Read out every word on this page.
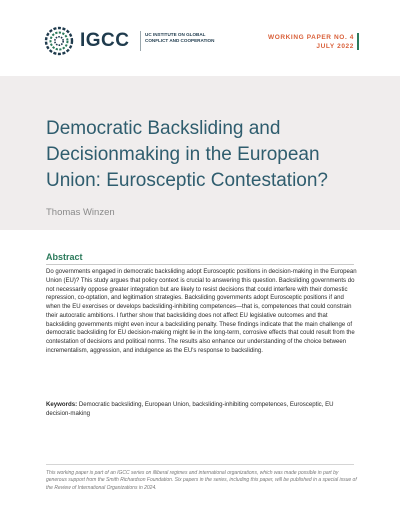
IGCC	UC INSTITUTE ON GLOBAL CONFLICT AND COOPERATION	WORKING PAPER NO. 4
JULY 2022
Democratic Backsliding and Decisionmaking in the European Union: Eurosceptic Contestation?
Thomas Winzen
Abstract

Do governments engaged in democratic backsliding adopt Eurosceptic positions in decision-making in the European Union (EU)? This study argues that policy context is crucial to answering this question. Backsliding governments do not necessarily oppose greater integration but are likely to resist decisions that could interfere with their domestic repression, co-optation, and legitimation strategies. Backsliding governments adopt Eurosceptic positions if and when the EU exercises or develops backsliding-inhibiting competences—that is, competences that could constrain their autocratic ambitions. I further show that backsliding does not affect EU legislative outcomes and that backsliding governments might even incur a backsliding penalty. These findings indicate that the main challenge of democratic backsliding for EU decision-making might lie in the long-term, corrosive effects that could result from the contestation of decisions and political norms. The results also enhance our understanding of the choice between incrementalism, aggression, and indulgence as the EU's response to backsliding.

Keywords: Democratic backsliding, European Union, backsliding-inhibiting competences, Eurosceptic, EU decision-making

This working paper is part of an IGCC series on illiberal regimes and international organizations, which was made possible in part by generous support from the Smith Richardson Foundation. Six papers in the series, including this paper, will be published in a special issue of the Review of International Organizations in 2024.
